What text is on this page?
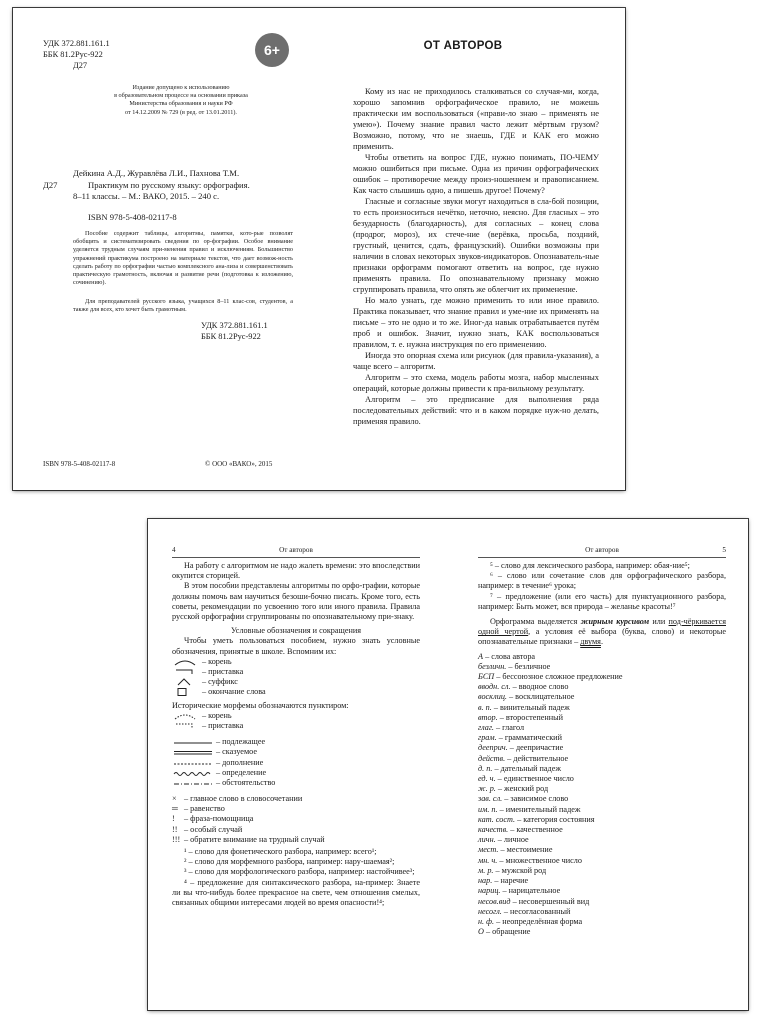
УДК 372.881.161.1
ББК 81.2Рус-922
Д27
6+
Издание допущено к использованию
в образовательном процессе на основании приказа
Министерства образования и науки РФ
от 14.12.2009 № 729 (в ред. от 13.01.2011).
Дейкина А.Д., Журавлёва Л.И., Пахнова Т.М.
Д27	Практикум по русскому языку: орфография.
8–11 классы. – М.: ВАКО, 2015. – 240 с.
ISBN 978-5-408-02117-8
Пособие содержит таблицы, алгоритмы, памятки, кото-рые позволят обобщить и систематизировать сведения по ор-фографии. Особое внимание уделяется трудным случаям при-менения правил и исключениям. Большинство упражнений практикума построено на материале текстов, что дает возмож-ность сделать работу по орфографии частью комплексного ана-лиза и совершенствовать практическую грамотность, включая и развитие речи (подготовка к изложению, сочинению).
Для преподавателей русского языка, учащихся 8–11 клас-сов, студентов, а также для всех, кто хочет быть грамотным.
УДК 372.881.161.1
ББК 81.2Рус-922
ISBN 978-5-408-02117-8	© ООО «ВАКО», 2015
ОТ АВТОРОВ

Кому из нас не приходилось сталкиваться со случая-ми, когда, хорошо запомнив орфографическое правило, не можешь практически им воспользоваться («прави-ло знаю – применять не умею»). Почему знание правил часто лежит мёртвым грузом? Возможно, потому, что не знаешь, ГДЕ и КАК его можно применить.

Чтобы ответить на вопрос ГДЕ, нужно понимать, ПО-ЧЕМУ можно ошибиться при письме. Одна из причин орфографических ошибок – противоречие между произ-ношением и правописанием. Как часто слышишь одно, а пишешь другое! Почему?

Гласные и согласные звуки могут находиться в сла-бой позиции, то есть произноситься нечётко, неточно, неясно. Для гласных – это безударность (благодарность), для согласных – конец слова (продрог, мороз), их стече-ние (верёвка, просьба, поздний, грустный, ценится, сдать, французский). Ошибки возможны при наличии в словах некоторых звуков-индикаторов. Опознаватель-ные признаки орфограмм помогают ответить на вопрос, где нужно применять правила. По опознавательному признаку можно сгруппировать правила, что опять же облегчит их применение.

Но мало узнать, где можно применить то или иное правило. Практика показывает, что знание правил и уме-ние их применять на письме – это не одно и то же. Иног-да навык отрабатывается путём проб и ошибок. Значит, нужно знать, КАК воспользоваться правилом, т. е. нужна инструкция по его применению.

Иногда это опорная схема или рисунок (для правила-указания), а чаще всего – алгоритм.

Алгоритм – это схема, модель работы мозга, набор мысленных операций, которые должны привести к пра-вильному результату.

Алгоритм – это предписание для выполнения ряда последовательных действий: что и в каком порядке нуж-но делать, применяя правило.

4	От авторов

На работу с алгоритмом не надо жалеть времени: это впоследствии окупится сторицей.

В этом пособии представлены алгоритмы по орфо-графии, которые должны помочь вам научиться безоши-бочно писать. Кроме того, есть советы, рекомендации по усвоению того или иного правила. Правила русской орфографии сгруппированы по опознавательному при-знаку.

Условные обозначения и сокращения

Чтобы уметь пользоваться пособием, нужно знать условные обозначения, принятые в школе. Вспомним их:

– корень
– приставка
– суффикс
– окончание слова

Исторические морфемы обозначаются пунктиром:

– корень
– приставка
– подлежащее
– сказуемое
– дополнение
– определение
– обстоятельство
× – главное слово в словосочетании
═ – равенство
!	– фраза-помощница
!! – особый случай
!!! – обратите внимание на трудный случай

¹ – слово для фонетического разбора, например: всего¹;

² – слово для морфемного разбора, например: нару-шаемая²;

³ – слово для морфологического разбора, например: настойчивее³;

⁴ – предложение для синтаксического разбора, на-пример: Знаете ли вы что-нибудь более прекрасное на свете, чем отношения смелых, связанных общими интересами людей во время опасности!⁴;

От авторов	5

⁵ – слово для лексического разбора, например: обая-ние⁵;

⁶ – слово или сочетание слов для орфографического разбора, например: в течение⁶ урока;

⁷ – предложение (или его часть) для пунктуационного разбора, например: Быть может, вся природа – желанье красоты!⁷

Орфограмма выделяется жирным курсивом или под-чёркивается одной чертой, а условия её выбора (буква, слово) и некоторые опознавательные признаки – двумя.

А – слова автора
безличн. – безличное
БСП – бессоюзное сложное предложение
вводн. сл. – вводное слово
восклиц. – восклицательное
в. п. – винительный падеж
втор. – второстепенный
глаг. – глагол
грам. – грамматический
дееприч. – деепричастие
действ. – действительное
д. п. – дательный падеж
ед. ч. – единственное число
ж. р. – женский род
зав. сл. – зависимое слово
им. п. – именительный падеж
кат. сост. – категория состояния
качеств. – качественное
личн. – личное
мест. – местоимение
мн. ч. – множественное число
м. р. – мужской род
нар. – наречие
нариц. – нарицательное
несов.вид – несовершенный вид
несогл. – несогласованный
н. ф. – неопределённая форма
О – обращение
